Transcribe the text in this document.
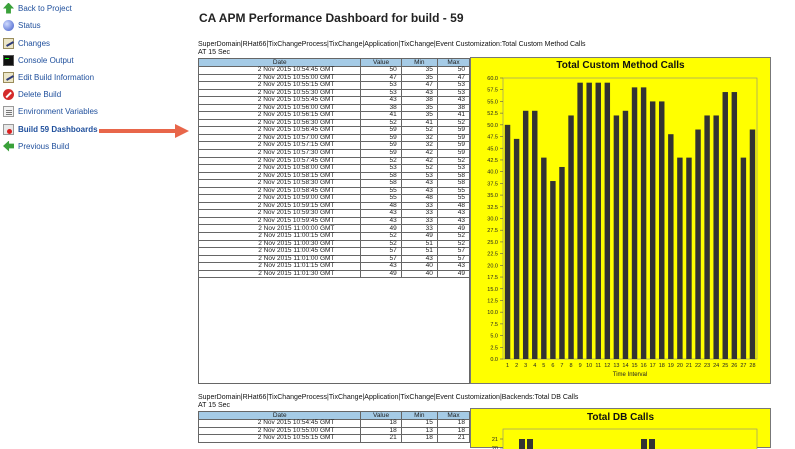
Back to Project
Status
Changes
Console Output
Edit Build Information
Delete Build
Environment Variables
Build 59 Dashboards
Previous Build
CA APM Performance Dashboard for build - 59
SuperDomain|RHat66|TixChangeProcess|TixChange|Application|TixChange|Event Customization:Total Custom Method Calls
AT 15 Sec
Date	Value	Min	Max
2 Nov 2015 10:54:45 GMT	50	35	50
2 Nov 2015 10:55:00 GMT	47	35	47
2 Nov 2015 10:55:15 GMT	53	47	53
2 Nov 2015 10:55:30 GMT	53	43	53
2 Nov 2015 10:55:45 GMT	43	38	43
2 Nov 2015 10:56:00 GMT	38	35	38
2 Nov 2015 10:56:15 GMT	41	35	41
2 Nov 2015 10:56:30 GMT	52	41	52
2 Nov 2015 10:56:45 GMT	59	52	59
2 Nov 2015 10:57:00 GMT	59	32	59
2 Nov 2015 10:57:15 GMT	59	32	59
2 Nov 2015 10:57:30 GMT	59	42	59
2 Nov 2015 10:57:45 GMT	52	42	52
2 Nov 2015 10:58:00 GMT	53	52	53
2 Nov 2015 10:58:15 GMT	58	53	58
2 Nov 2015 10:58:30 GMT	58	43	58
2 Nov 2015 10:58:45 GMT	55	43	55
2 Nov 2015 10:59:00 GMT	55	48	55
2 Nov 2015 10:59:15 GMT	48	33	48
2 Nov 2015 10:59:30 GMT	43	33	43
2 Nov 2015 10:59:45 GMT	43	33	43
2 Nov 2015 11:00:00 GMT	49	33	49
2 Nov 2015 11:00:15 GMT	52	49	52
2 Nov 2015 11:00:30 GMT	52	51	52
2 Nov 2015 11:00:45 GMT	57	51	57
2 Nov 2015 11:01:00 GMT	57	43	57
2 Nov 2015 11:01:15 GMT	43	40	43
2 Nov 2015 11:01:30 GMT	49	40	49
Total Custom Method Calls
0.0
2.5
5.0
7.5
10.0
12.5
15.0
17.5
20.0
22.5
25.0
27.5
30.0
32.5
35.0
37.5
40.0
42.5
45.0
47.5
50.0
52.5
55.0
57.5
60.0
1 2 3 4 5 6 7 8 9 10 11 12 13 14 15 16 17 18 19 20 21 22 23 24 25 26 27 28
Time Interval
SuperDomain|RHat66|TixChangeProcess|TixChange|Application|TixChange|Event Customization|Backends:Total DB Calls
AT 15 Sec
Date	Value	Min	Max
2 Nov 2015 10:54:45 GMT	18	15	18
2 Nov 2015 10:55:00 GMT	18	13	18
2 Nov 2015 10:55:15 GMT	21	18	21
Total DB Calls
21
20
